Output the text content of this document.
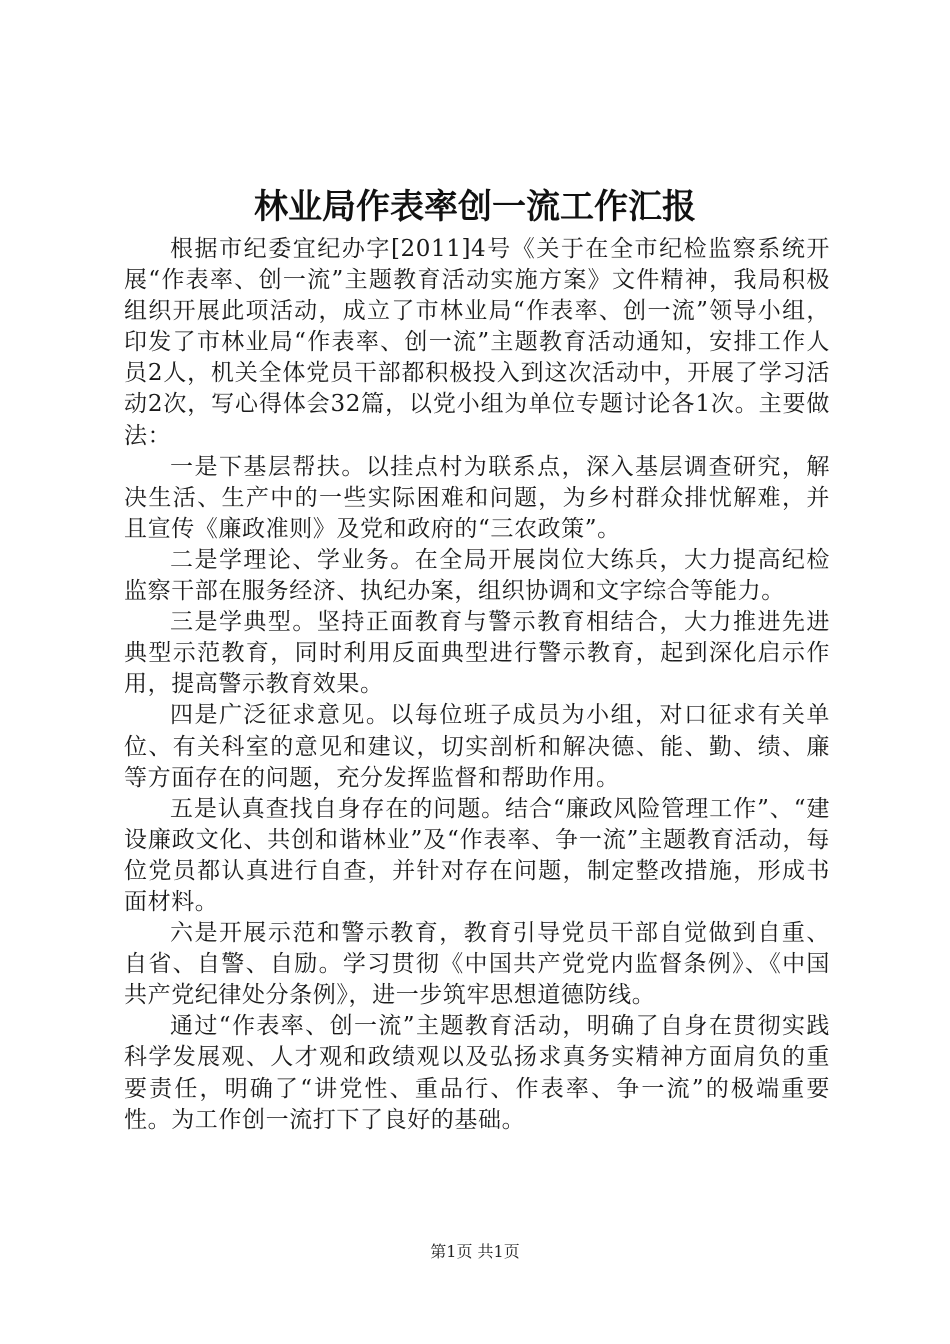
林业局作表率创一流工作汇报

根据市纪委宜纪办字[2011]4号《关于在全市纪检监察系统开展“作表率、创一流”主题教育活动实施方案》文件精神，我局积极组织开展此项活动，成立了市林业局“作表率、创一流”领导小组，印发了市林业局“作表率、创一流”主题教育活动通知，安排工作人员2人，机关全体党员干部都积极投入到这次活动中，开展了学习活动2次，写心得体会32篇，以党小组为单位专题讨论各1次。主要做法：

一是下基层帮扶。以挂点村为联系点，深入基层调查研究，解决生活、生产中的一些实际困难和问题，为乡村群众排忧解难，并且宣传《廉政准则》及党和政府的“三农政策”。

二是学理论、学业务。在全局开展岗位大练兵，大力提高纪检监察干部在服务经济、执纪办案，组织协调和文字综合等能力。

三是学典型。坚持正面教育与警示教育相结合，大力推进先进典型示范教育，同时利用反面典型进行警示教育，起到深化启示作用，提高警示教育效果。

四是广泛征求意见。以每位班子成员为小组，对口征求有关单位、有关科室的意见和建议，切实剖析和解决德、能、勤、绩、廉等方面存在的问题，充分发挥监督和帮助作用。

五是认真查找自身存在的问题。结合“廉政风险管理工作”、“建设廉政文化、共创和谐林业”及“作表率、争一流”主题教育活动，每位党员都认真进行自查，并针对存在问题，制定整改措施，形成书面材料。

六是开展示范和警示教育，教育引导党员干部自觉做到自重、自省、自警、自励。学习贯彻《中国共产党党内监督条例》、《中国共产党纪律处分条例》，进一步筑牢思想道德防线。

通过“作表率、创一流”主题教育活动，明确了自身在贯彻实践科学发展观、人才观和政绩观以及弘扬求真务实精神方面肩负的重要责任，明确了“讲党性、重品行、作表率、争一流”的极端重要性。为工作创一流打下了良好的基础。

第1页 共1页
